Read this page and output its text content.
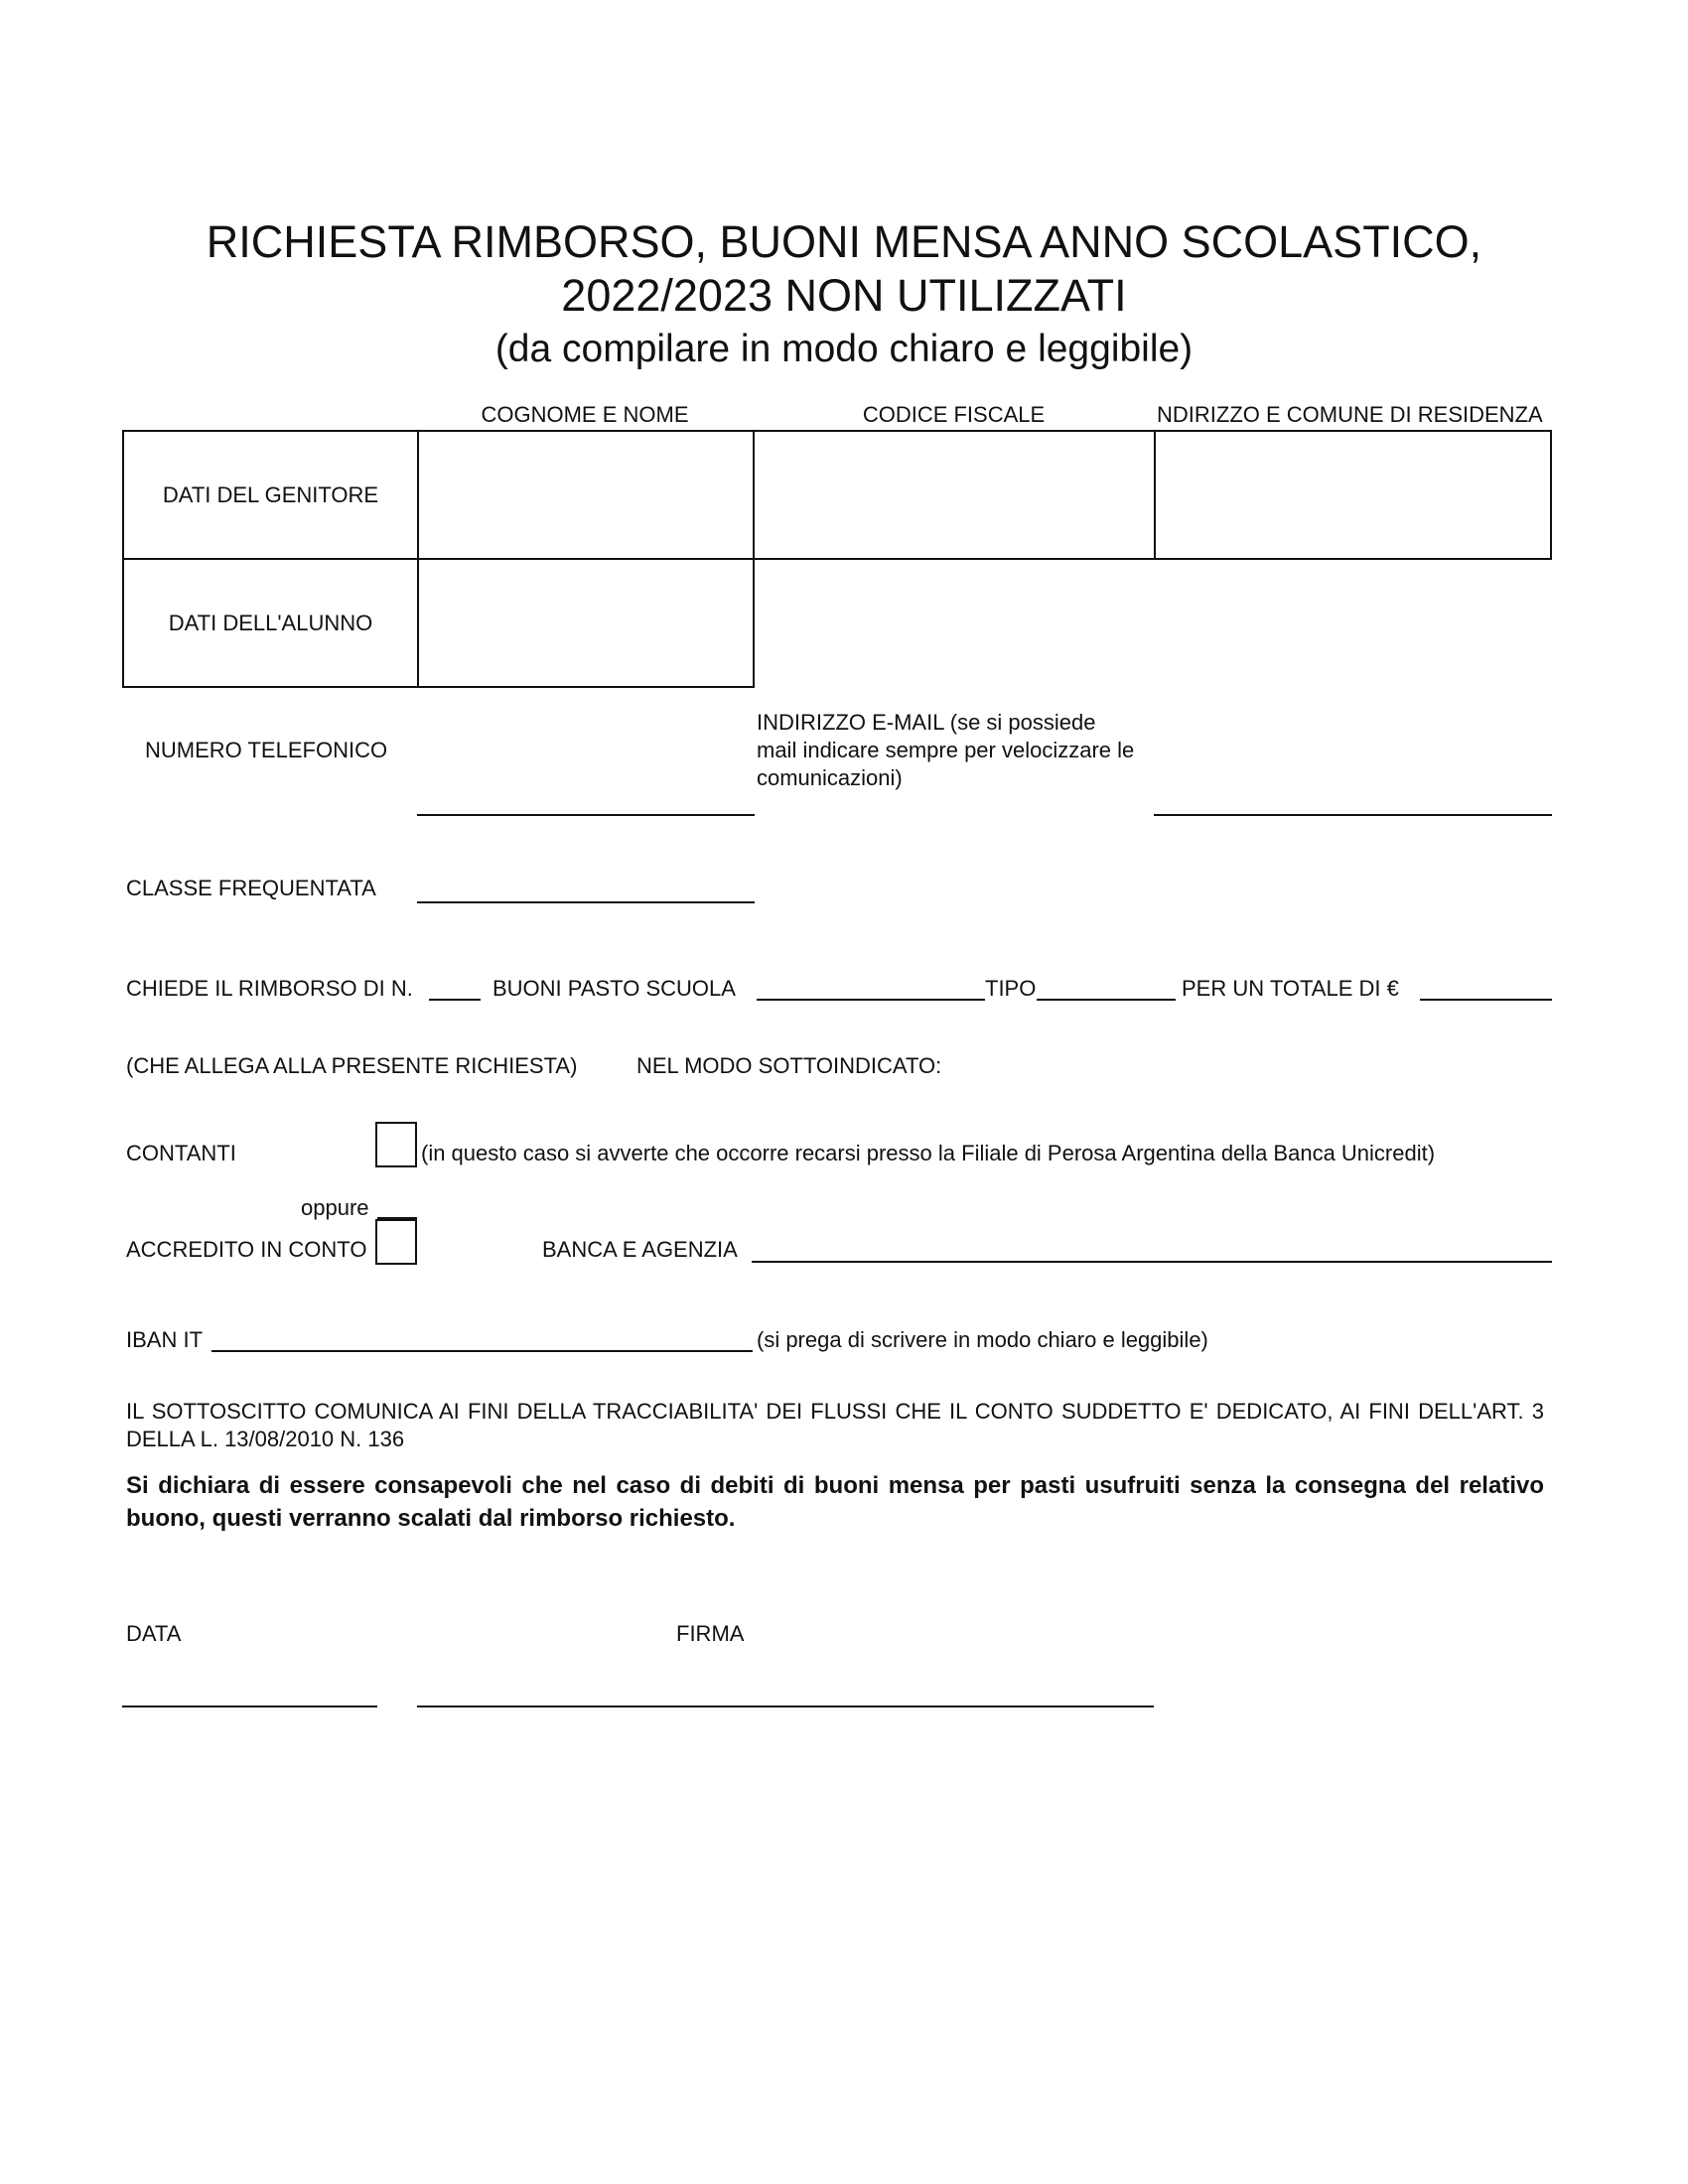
RICHIESTA RIMBORSO, BUONI MENSA ANNO SCOLASTICO,
2022/2023 NON UTILIZZATI
(da compilare in modo chiaro e leggibile)
COGNOME E NOME	CODICE FISCALE	NDIRIZZO E COMUNE DI RESIDENZA
DATI DEL GENITORE
DATI DELL'ALUNNO
NUMERO TELEFONICO
INDIRIZZO E-MAIL (se si possiede
mail indicare sempre per velocizzare le
comunicazioni)
CLASSE FREQUENTATA
CHIEDE IL RIMBORSO DI N.	BUONI PASTO SCUOLA	TIPO	PER UN TOTALE DI €
(CHE ALLEGA ALLA PRESENTE RICHIESTA)	NEL MODO SOTTOINDICATO:
CONTANTI	(in questo caso si avverte che occorre recarsi presso la Filiale di Perosa Argentina della Banca Unicredit)
oppure
ACCREDITO IN CONTO	BANCA E AGENZIA
IBAN IT	(si prega di scrivere in modo chiaro e leggibile)
IL SOTTOSCITTO COMUNICA AI FINI DELLA TRACCIABILITA' DEI FLUSSI CHE IL CONTO SUDDETTO E' DEDICATO, AI FINI DELL'ART. 3 DELLA L. 13/08/2010 N. 136
Si dichiara di essere consapevoli che nel caso di debiti di buoni mensa per pasti usufruiti senza la consegna del relativo buono, questi verranno scalati dal rimborso richiesto.
DATA	FIRMA
